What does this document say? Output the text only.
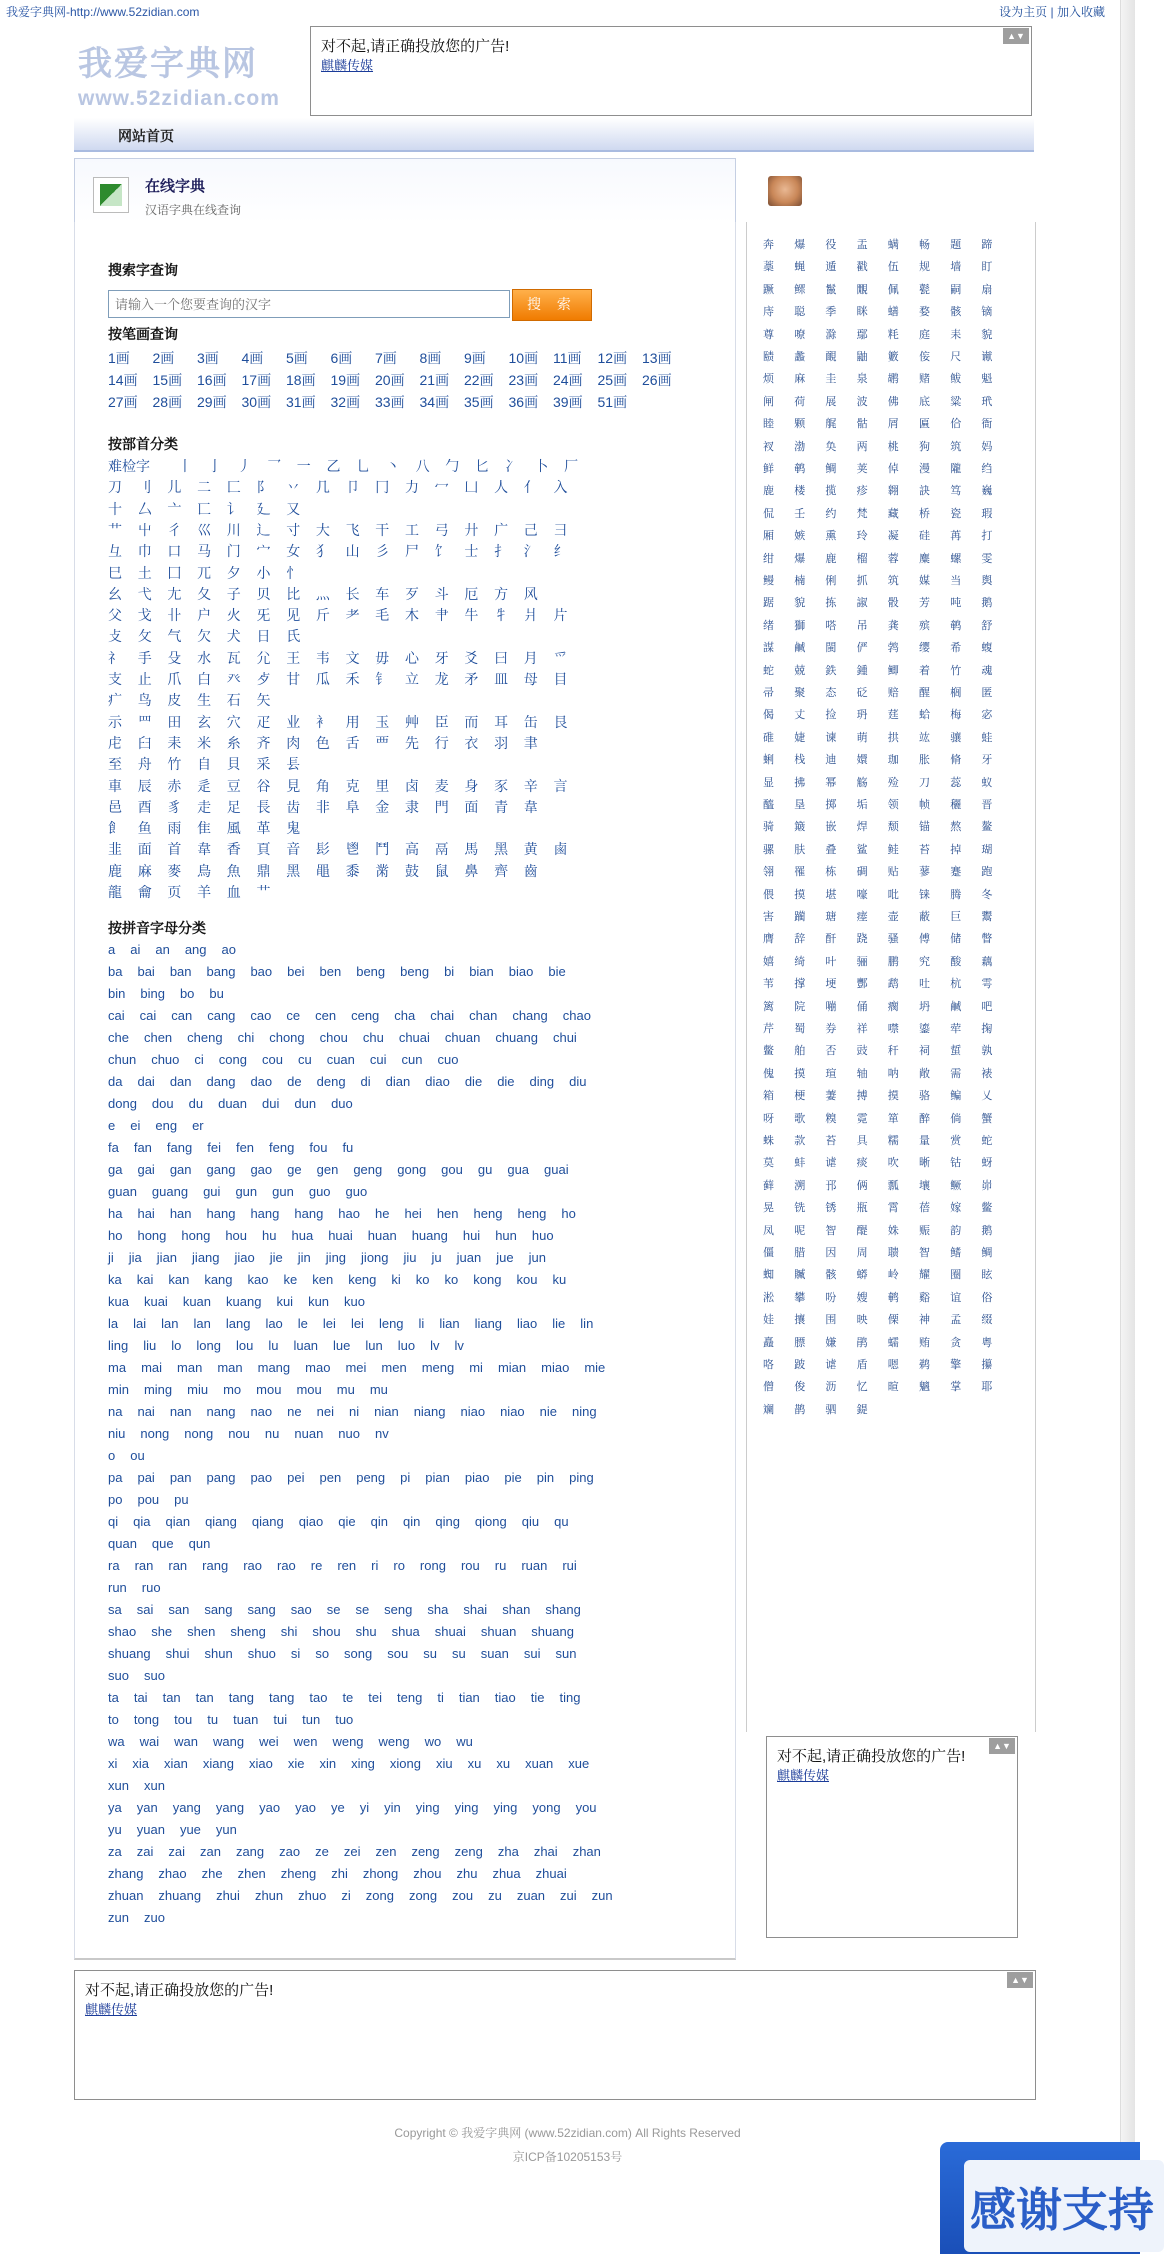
我爱字典网-http://www.52zidian.com	设为主页 | 加入收藏
我爱字典网
www.52zidian.com
对不起,请正确投放您的广告!
麒麟传媒
▲▼
网站首页
在线字典
汉语字典在线查询
搜索字查询
请输入一个您要查询的汉字
搜 索
按笔画查询
1画 2画 3画 4画 5画 6画 7画 8画 9画 10画 11画 12画 13画
14画 15画 16画 17画 18画 19画 20画 21画 22画 23画 24画 25画 26画
27画 28画 29画 30画 31画 32画 33画 34画 35画 36画 39画 51画
按部首分类
难检字 丨 亅 丿 乛 一 乙 乚 丶 八 勹 匕 冫 卜 厂
刀 刂 儿 二 匚 阝 丷 几 卩 冂 力 冖 凵 人 亻 入
十 厶 亠 匸 讠 廴 又
艹 屮 彳 巛 川 辶 寸 大 飞 干 工 弓 廾 广 己 彐
彑 巾 口 马 门 宀 女 犭 山 彡 尸 饣 士 扌 氵 纟
巳 土 囗 兀 夕 小 忄
幺 弋 尢 夂 子 贝 比 灬 长 车 歹 斗 厄 方 风
父 戈 卝 户 火 旡 见 斤 耂 毛 木 肀 牛 牜 爿 片
攴 攵 气 欠 犬 日 氏
礻 手 殳 水 瓦 尣 王 韦 文 毋 心 牙 爻 曰 月 爫
支 止 爪 白 癶 歺 甘 瓜 禾 钅 立 龙 矛 皿 母 目
疒 鸟 皮 生 石 矢
示 罒 田 玄 穴 疋 业 衤 用 玉 艸 臣 而 耳 缶 艮
虍 臼 耒 米 糸 齐 肉 色 舌 覀 先 行 衣 羽 聿
至 舟 竹 自 貝 采 镸
車 辰 赤 辵 豆 谷 見 角 克 里 卤 麦 身 豕 辛 言
邑 酉 豸 走 足 長 齿 非 阜 金 隶 門 面 青 韋
飠 鱼 雨 隹 風 革 鬼
韭 面 首 韋 香 頁 音 髟 鬯 鬥 高 鬲 馬 黑 黄 鹵
鹿 麻 麥 鳥 魚 鼎 黑 黽 黍 黹 鼓 鼠 鼻 齊 齒
龍 龠 页 羊 血 艹
按拼音字母分类
a ai an ang ao
ba bai ban bang bao bei ben beng beng bi bian biao bie
bin bing bo bu
cai cai can cang cao ce cen ceng cha chai chan chang chao
che chen cheng chi chong chou chu chuai chuan chuang chui
chun chuo ci cong cou cu cuan cui cun cuo
da dai dan dang dao de deng di dian diao die die ding diu
dong dou du duan dui dun duo
e ei eng er
fa fan fang fei fen feng fou fu
ga gai gan gang gao ge gen geng gong gou gu gua guai
guan guang gui gun gun guo guo
ha hai han hang hang hang hao he hei hen heng heng ho
ho hong hong hou hu hua huai huan huang hui hun huo
ji jia jian jiang jiao jie jin jing jiong jiu ju juan jue jun
ka kai kan kang kao ke ken keng ki ko ko kong kou ku
kua kuai kuan kuang kui kun kuo
la lai lan lan lang lao le lei lei leng li lian liang liao lie lin
ling liu lo long lou lu luan lue lun luo lv lv
ma mai man man mang mao mei men meng mi mian miao mie
min ming miu mo mou mou mu mu
na nai nan nang nao ne nei ni nian niang niao niao nie ning
niu nong nong nou nu nuan nuo nv
o ou
pa pai pan pang pao pei pen peng pi pian piao pie pin ping
po pou pu
qi qia qian qiang qiang qiao qie qin qin qing qiong qiu qu
quan que qun
ra ran ran rang rao rao re ren ri ro rong rou ru ruan rui
run ruo
sa sai san sang sang sao se se seng sha shai shan shang
shao she shen sheng shi shou shu shua shuai shuan shuang
shuang shui shun shuo si so song sou su su suan sui sun
suo suo
ta tai tan tan tang tang tao te tei teng ti tian tiao tie ting
to tong tou tu tuan tui tun tuo
wa wai wan wang wei wen weng weng wo wu
xi xia xian xiang xiao xie xin xing xiong xiu xu xu xuan xue
xun xun
ya yan yang yang yao yao ye yi yin ying ying ying yong you
yu yuan yue yun
za zai zai zan zang zao ze zei zen zeng zeng zha zhai zhan
zhang zhao zhe zhen zheng zhi zhong zhou zhu zhua zhuai
zhuan zhuang zhui zhun zhuo zi zong zong zou zu zuan zui zun
zun zuo
奔 爆 役 盂 螨 畅 题 蹄
藁 蝇 遁 戳 伍 规 墙 盯
蹶 鳏 鬣 覵 佩 甏 嗣 扇
庤 聪 季 眯 蟮 婺 骸 镝
尊 嘹 滁 鄢 粍 庭 耒 貌
赜 蠡 靦 鼬 籔 侫 尺 谳
烦 麻 圭 泉 鹕 赌 鲅 魁
闸 荷 展 波 佛 底 粱 玳
睦 颗 艉 骷 屑 匾 佮 衙
衩 渤 奂 两 桃 狗 筑 妈
鲜 鹌 鲷 荚 倬 漫 隴 绉
鹿 楼 揽 疹 翱 訣 笃 巍
侃 壬 约 梵 藏 桥 瓷 瑕
厢 嫉 熏 玲 凝 硅 苒 打
绀 爆 鹿 榴 蓉 麋 螺 雯
鳗 楠 俐 抓 筑 媒 当 舆
踞 貌 拣 諔 骰 芳 吨 鹅
绪 獅 嗒 吊 龚 殡 鹌 舒
謀 鹹 閩 俨 鹁 缨 希 蝮
蛇 兢 鉄 鍾 鲫 着 竹 魂
帚 聚 态 砭 赔 醒 榈 匿
偈 丈 捡 玬 莛 蛤 梅 宓
碓 婕 谏 萌 拱 竑 骧 蛙
蜊 栈 迪 嬛 珈 胀 脩 牙
显 拂 幂 觞 殓 刀 蕊 蚁
醯 垦 掷 垢 领 帧 穲 晋
骑 簸 嵌 焊 颓 锚 熬 鳌
骡 肤 叠 鲨 鲑 苔 掉 瑚
翎 罹 栋 碉 贴 蓼 蹇 跑
偎 摸 堪 嚎 吡 铼 腾 冬
害 躏 瑭 瘗 壶 蔽 巨 鬻
膺 辞 酐 跷 骚 傅 储 瞥
嬉 绮 叶 骊 鹏 究 酸 藕
苇 撑 埂 酆 鹉 吐 杭 雩
篱 院 嘣 俑 瘸 坍 鹹 吧
芹 蜀 券 祥 噤 鎏 荦 掬
鳖 舶 否 豉 秆 祠 蜇 孰
傀 摸 瑄 轴 呐 敞 需 裱
箱 梗 萋 搏 摸 骆 鳊 乂
呀 歌 糗 霓 箪 醉 倘 蟹
蛛 款 苔 具 糯 量 赏 蛇
莫 蚌 谑 痰 吹 晰 钴 蚜
藓 溯 邘 俩 瓢 壤 鳜 峁
晃 铣 锈 瓶 霄 蓓 嫁 鳖
凤 呢 智 醍 姝 赈 韵 鹅
僵 腊 因 周 聩 智 鳍 鲷
蜘 贓 骸 蟒 岭 耀 圈 眩
淞 攀 吩 嫂 鹌 谿 谊 俗
娃 攘 围 映 傈 神 孟 缀
矗 膘 嫌 鹃 蠕 贿 贪 粤
咯 跛 谑 盾 嗯 鹈 擎 攥
僧 俊 沥 忆 暄 魑 掌 耶
斓 鹊 驷 鍉
对不起,请正确投放您的广告!
麒麟传媒
▲▼
对不起,请正确投放您的广告!
麒麟传媒
▲▼
Copyright © 我爱字典网 (www.52zidian.com) All Rights Reserved
京ICP备10205153号
感谢支持
